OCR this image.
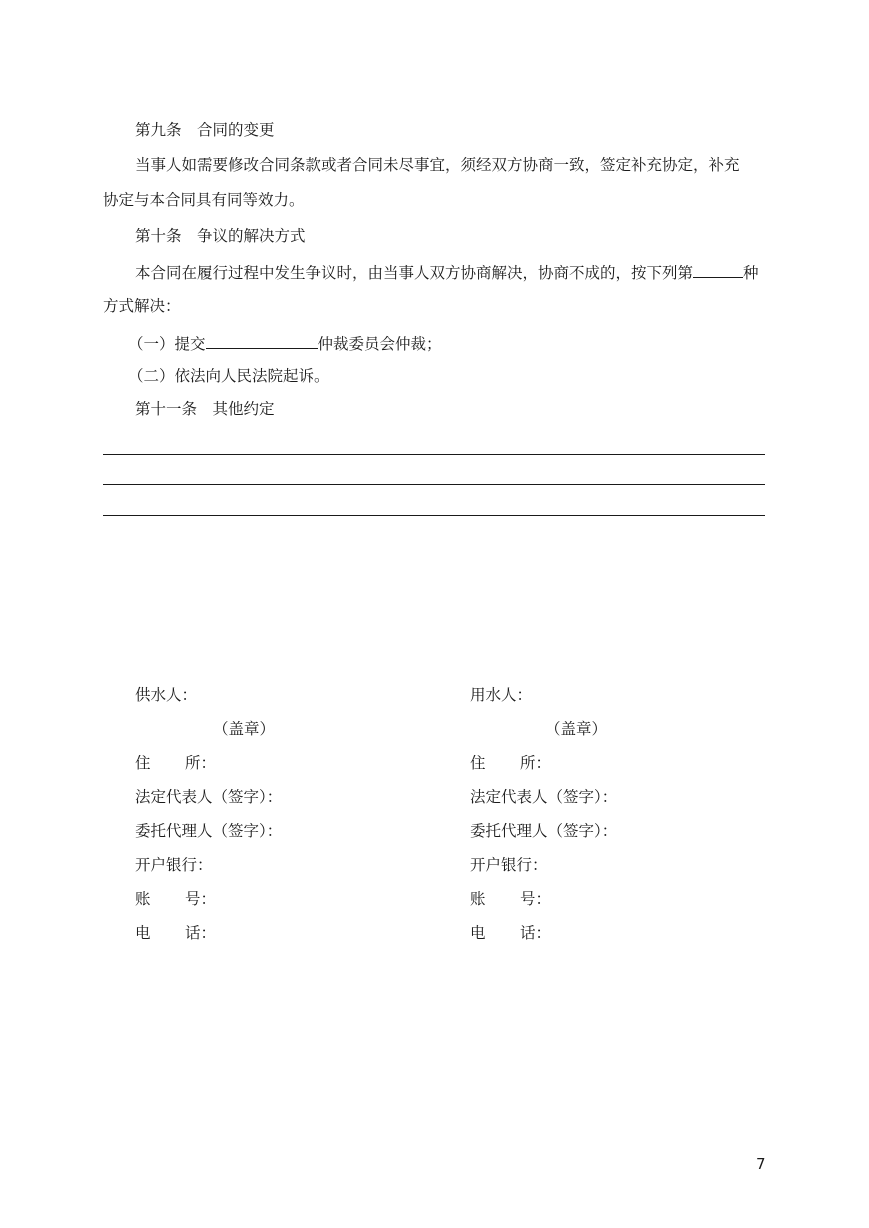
第九条　合同的变更
当事人如需要修改合同条款或者合同未尽事宜，须经双方协商一致，签定补充协定，补充
协定与本合同具有同等效力。
第十条　争议的解决方式
本合同在履行过程中发生争议时，由当事人双方协商解决，协商不成的，按下列第	种
方式解决：
（一）提交	仲裁委员会仲裁；
（二）依法向人民法院起诉。
第十一条　其他约定
供水人：
（盖章）
住 所：
法定代表人（签字）：
委托代理人（签字）：
开户银行：
账 号：
电 话：
用水人：
（盖章）
住 所：
法定代表人（签字）：
委托代理人（签字）：
开户银行：
账 号：
电 话：
7
